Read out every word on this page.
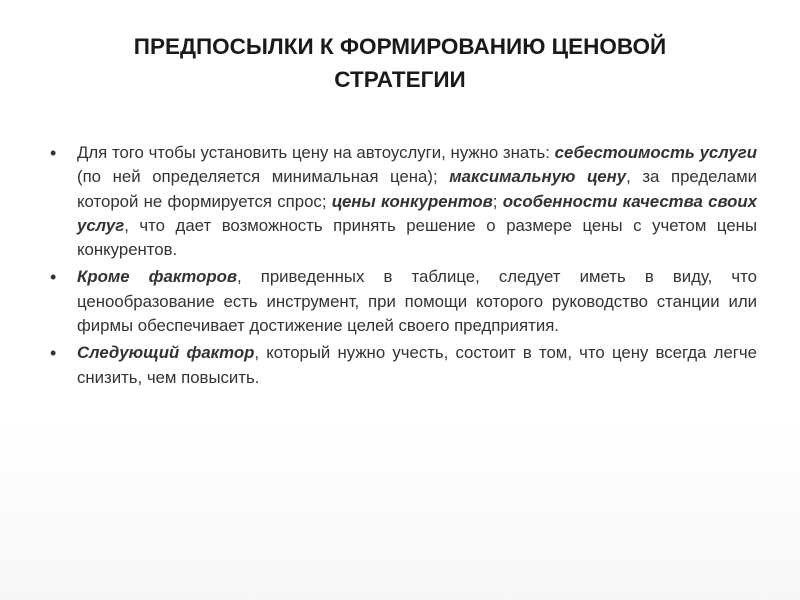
ПРЕДПОСЫЛКИ К ФОРМИРОВАНИЮ ЦЕНОВОЙ
СТРАТЕГИИ
• Для того чтобы установить цену на автоуслуги, нужно знать: себестоимость услуги (по ней определяется минимальная цена); максимальную цену, за пределами которой не формируется спрос; цены конкурентов; особенности качества своих услуг, что дает возможность принять решение о размере цены с учетом цены конкурентов.
• Кроме факторов, приведенных в таблице, следует иметь в виду, что ценообразование есть инструмент, при помощи которого руководство станции или фирмы обеспечивает достижение целей своего предприятия.
• Следующий фактор, который нужно учесть, состоит в том, что цену всегда легче снизить, чем повысить.
